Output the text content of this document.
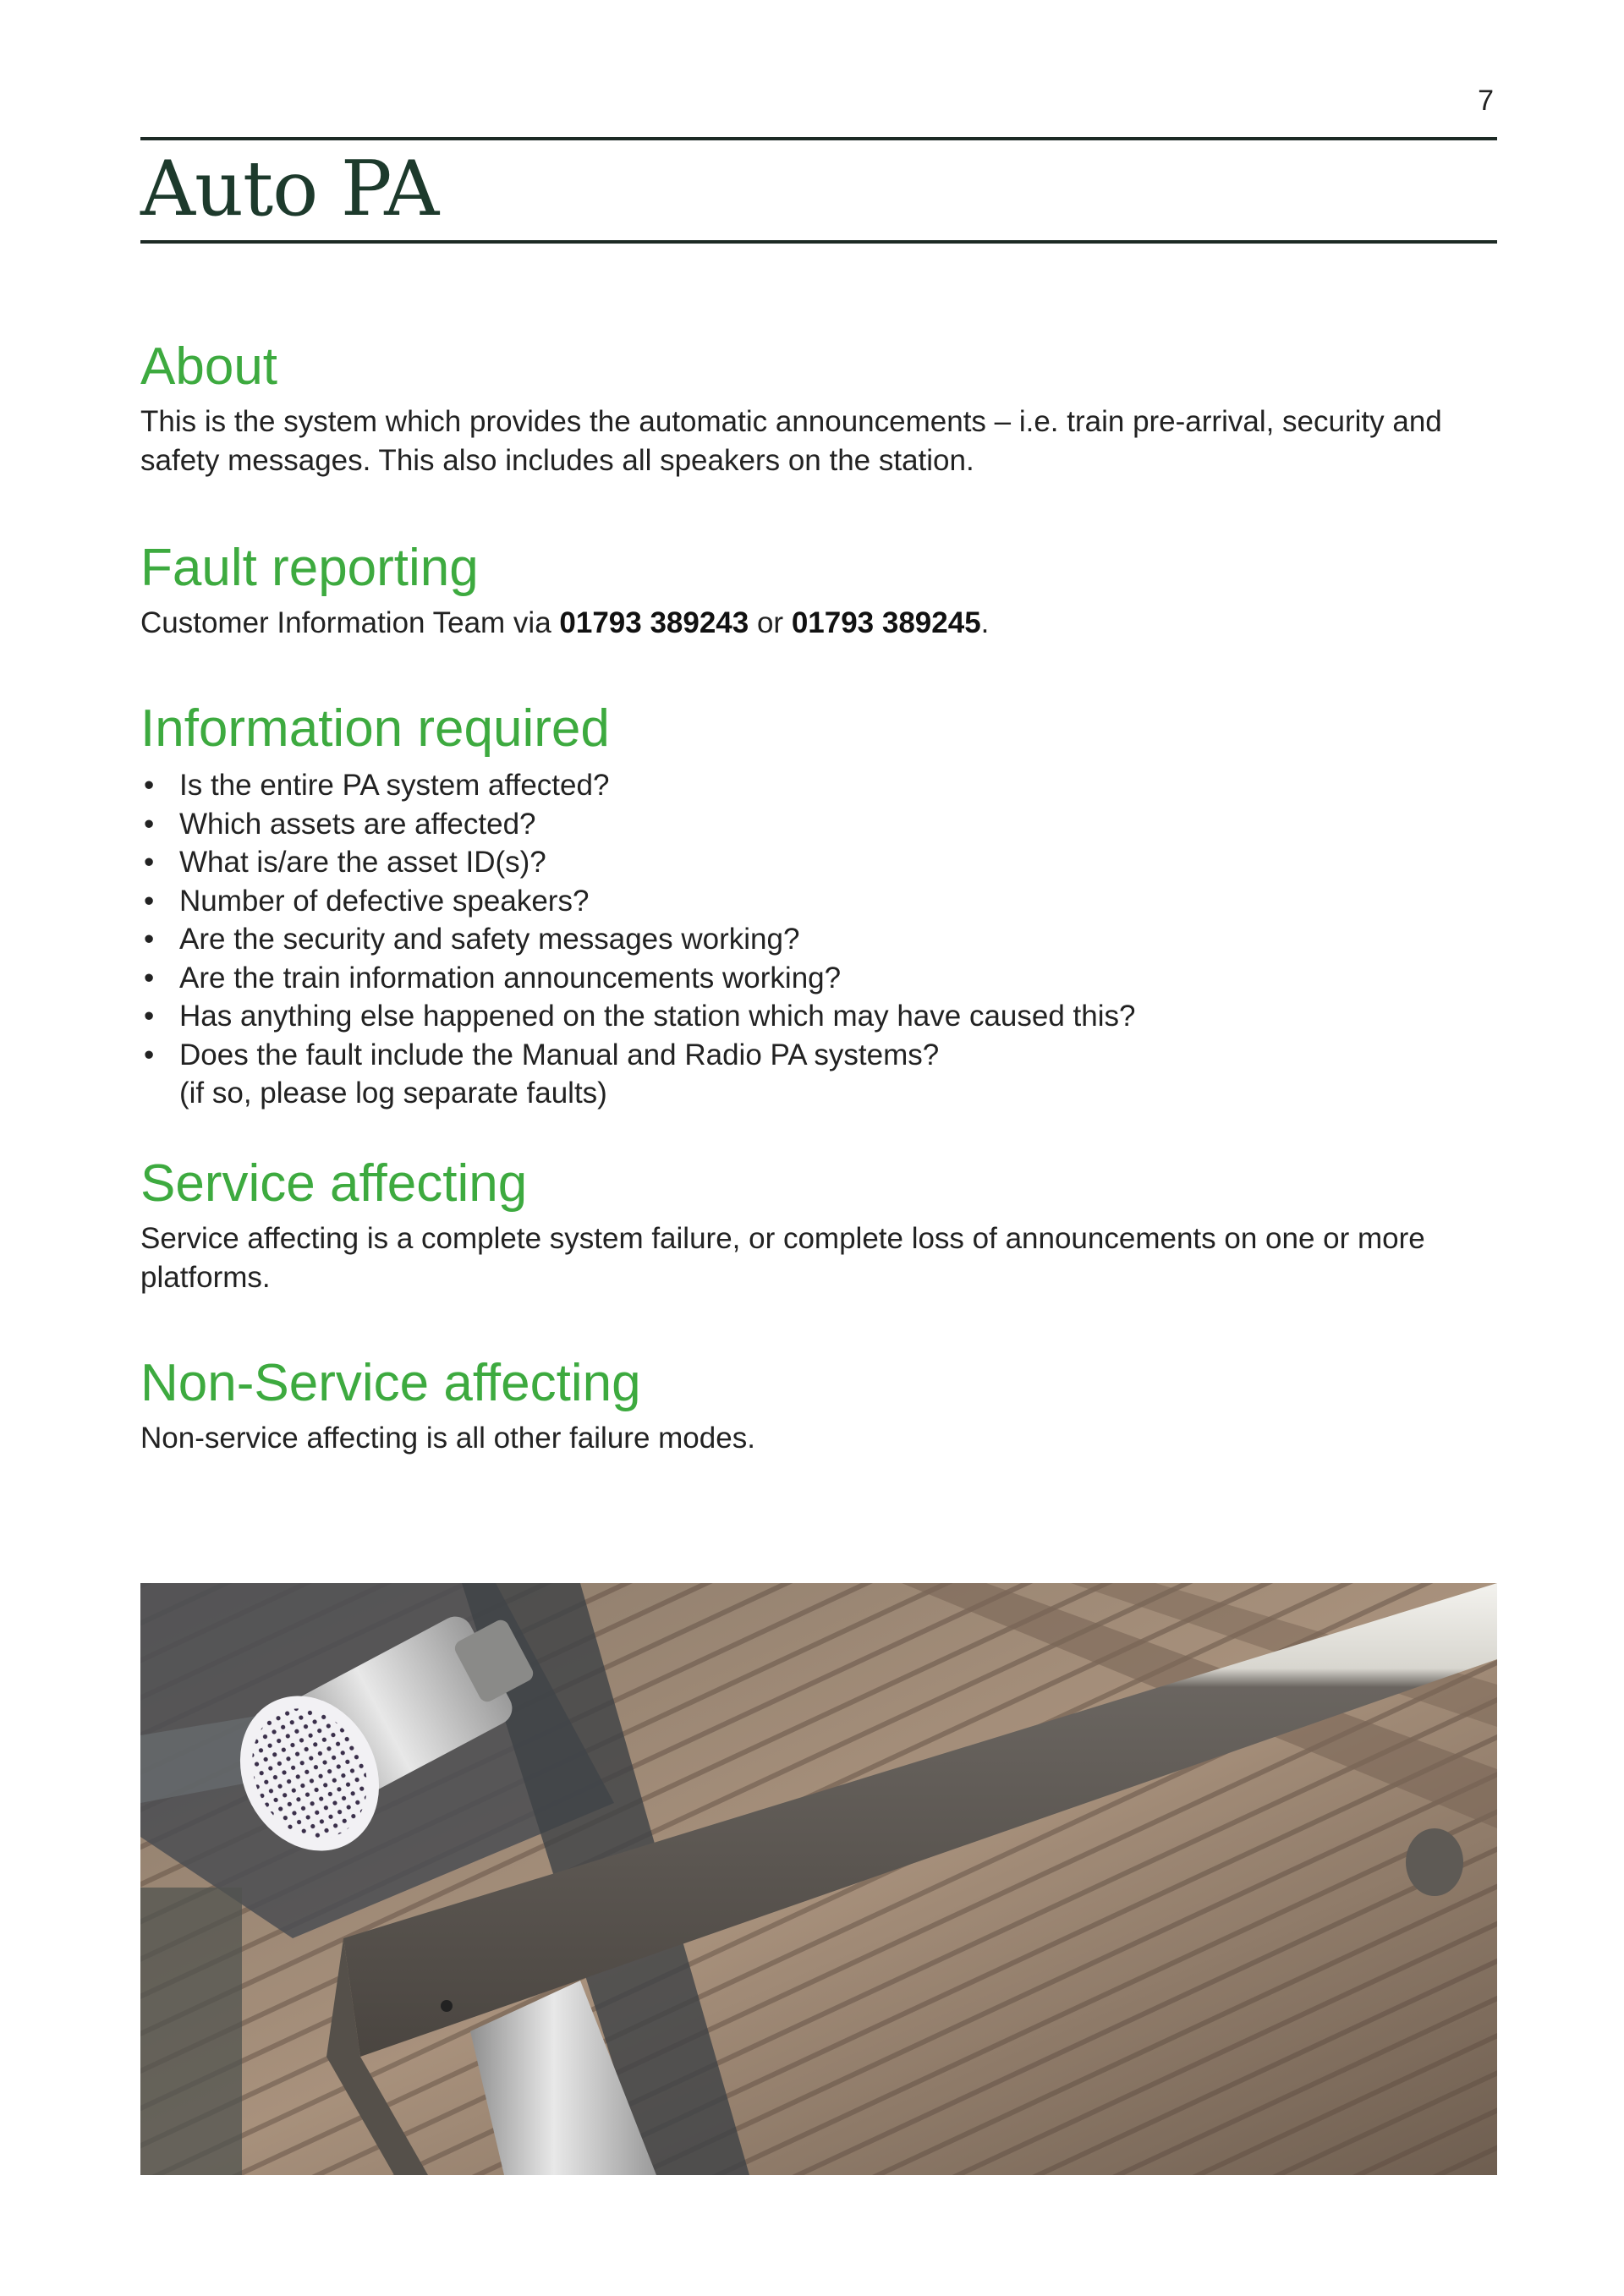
7
Auto PA
About

This is the system which provides the automatic announcements – i.e. train pre-arrival, security and safety messages. This also includes all speakers on the station.

Fault reporting

Customer Information Team via 01793 389243 or 01793 389245.

Information required
• Is the entire PA system affected?
• Which assets are affected?
• What is/are the asset ID(s)?
• Number of defective speakers?
• Are the security and safety messages working?
• Are the train information announcements working?
• Has anything else happened on the station which may have caused this?
• Does the fault include the Manual and Radio PA systems?
(if so, please log separate faults)
Service affecting

Service affecting is a complete system failure, or complete loss of announcements on one or more platforms.

Non-Service affecting

Non-service affecting is all other failure modes.
